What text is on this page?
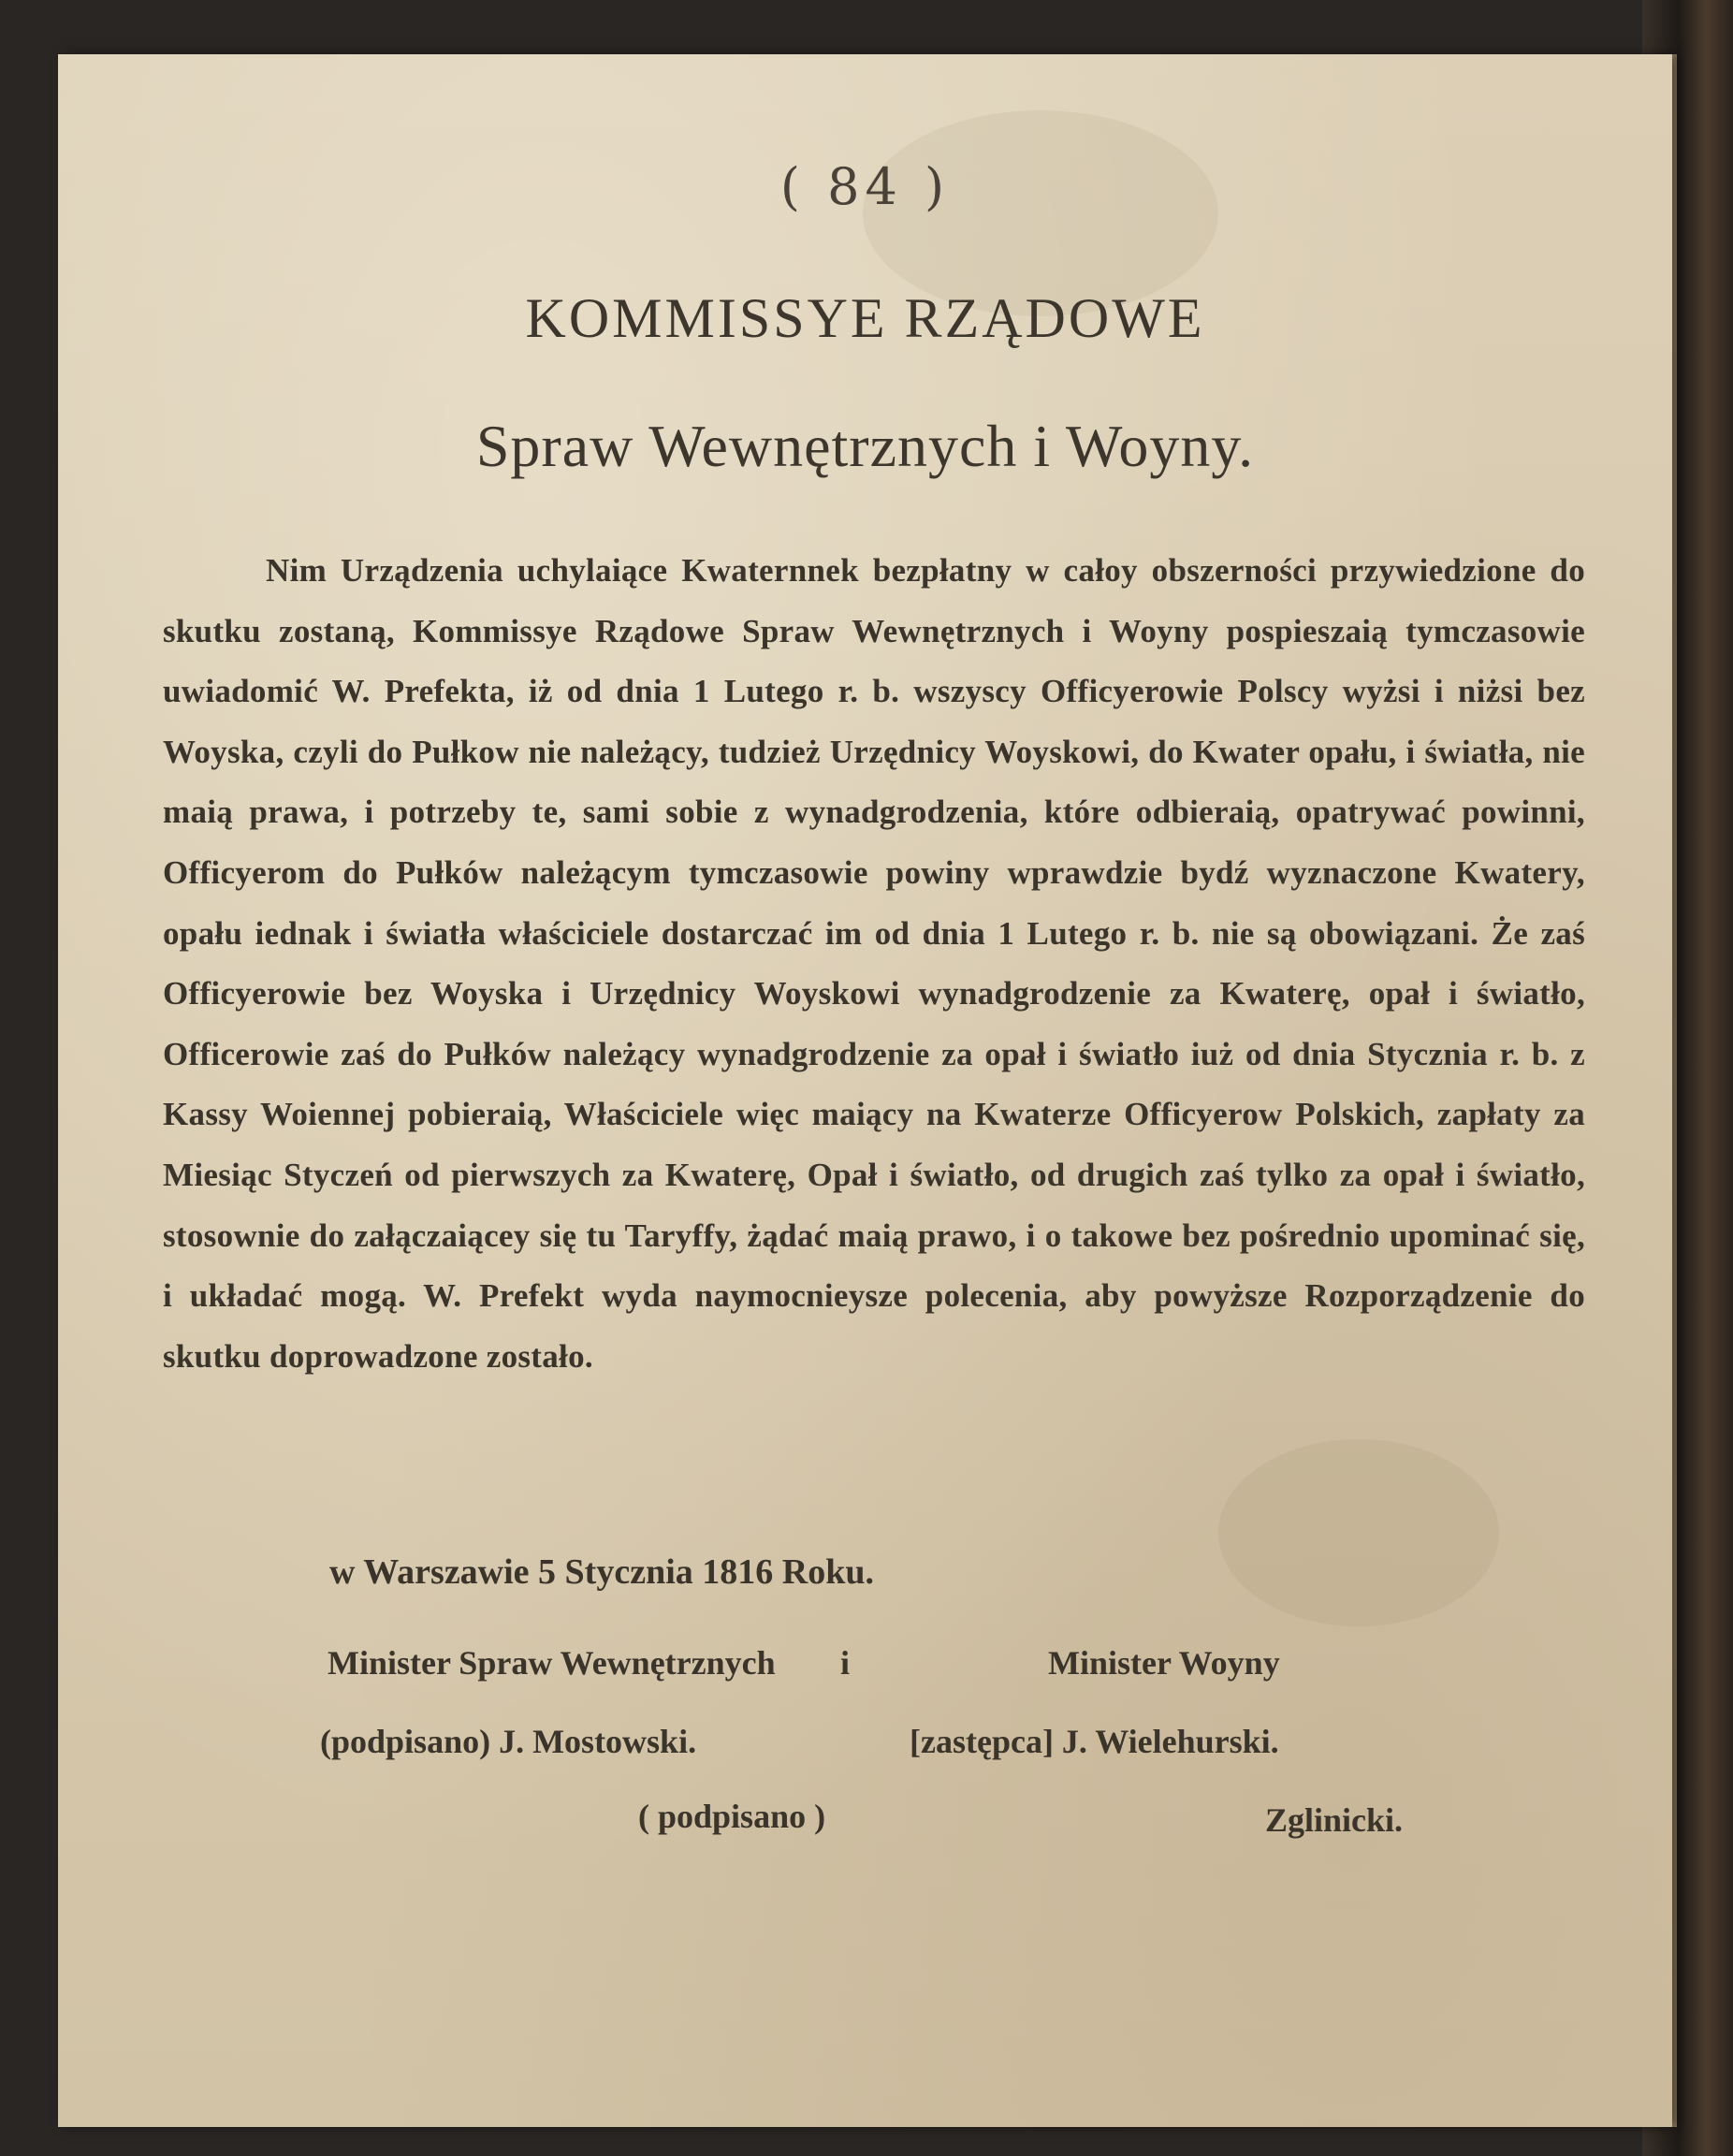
( 84 )
KOMMISSYE RZĄDOWE
Spraw Wewnętrznych i Woyny.
Nim Urządzenia uchylaiące Kwaternnek bezpłatny w całoy obszerności przywiedzione do skutku zostaną, Kommissye Rządowe Spraw Wewnętrznych i Woyny pospieszaią tymczasowie uwiadomić W. Prefekta, iż od dnia 1 Lutego r. b. wszyscy Officyerowie Polscy wyżsi i niżsi bez Woyska, czyli do Pułkow nie należący, tudzież Urzędnicy Woyskowi, do Kwater opału, i światła, nie maią prawa, i potrzeby te, sami sobie z wynadgrodzenia, które odbieraią, opatrywać powinni, Officyerom do Pułków należącym tymczasowie powiny wprawdzie bydź wyznaczone Kwatery, opału iednak i światła właściciele dostarczać im od dnia 1 Lutego r. b. nie są obowiązani. Że zaś Officyerowie bez Woyska i Urzędnicy Woyskowi wynadgrodzenie za Kwaterę, opał i światło, Officerowie zaś do Pułków należący wynadgrodzenie za opał i światło iuż od dnia Stycznia r. b. z Kassy Woiennej pobieraią, Właściciele więc maiący na Kwaterze Officyerow Polskich, zapłaty za Miesiąc Styczeń od pierwszych za Kwaterę, Opał i światło, od drugich zaś tylko za opał i światło, stosownie do załączaiącey się tu Taryffy, żądać maią prawo, i o takowe bez pośrednio upominać się, i układać mogą. W. Prefekt wyda naymocnieysze polecenia, aby powyższe Rozporządzenie do skutku doprowadzone zostało.
w Warszawie 5 Stycznia 1816 Roku.
Minister Spraw Wewnętrznych i	Minister Woyny
(podpisano) J. Mostowski.	[zastępca] J. Wielehurski.
( podpisano )	Zglinicki.
